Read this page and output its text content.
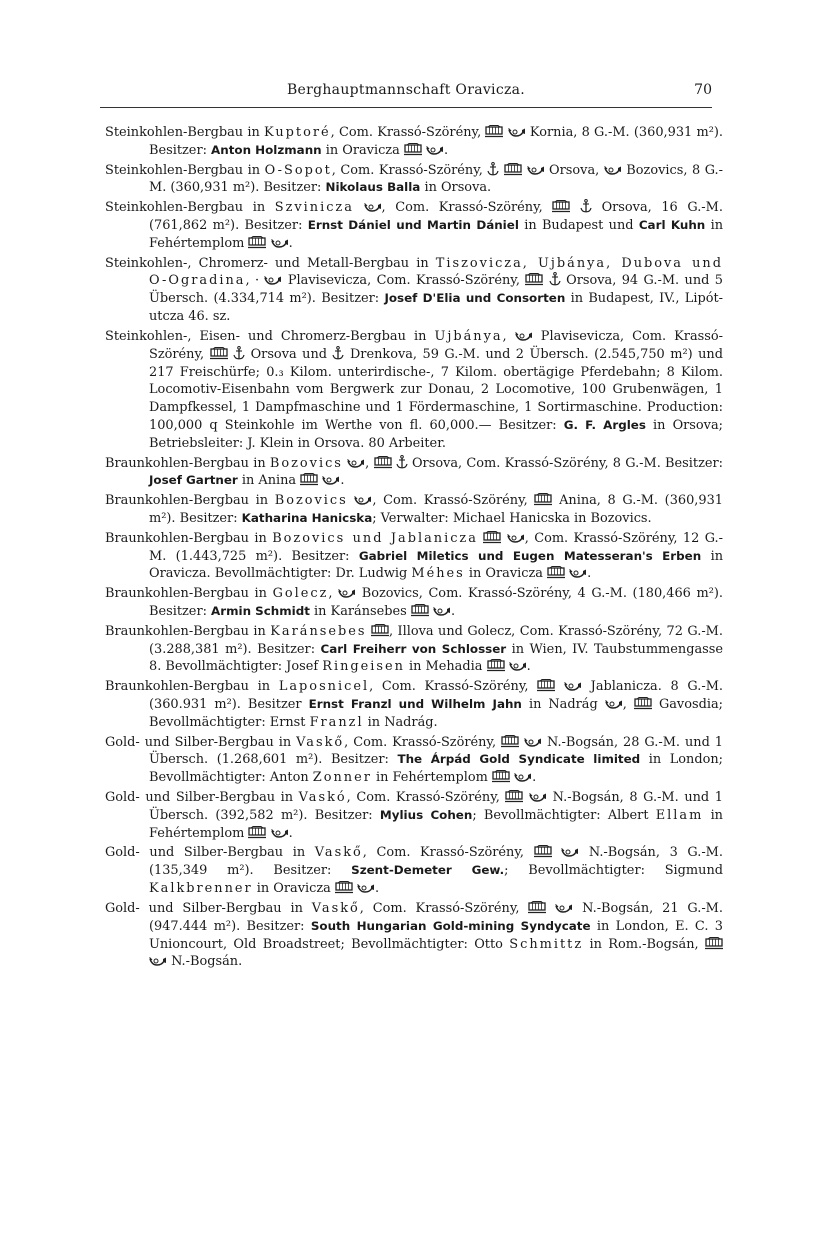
Berghauptmannschaft Oravicza.	70

Steinkohlen-Bergbau in Kuptoré, Com. Krassó-Szörény,
	Kornia, 8 G.-M. (360,931 m²). Besitzer: Anton Holzmann in Oravicza
	.

Steinkohlen-Bergbau in O-Sopot, Com. Krassó-Szörény,

	Orsova,
Bozovics, 8 G.-M. (360,931 m²). Besitzer: Nikolaus Balla in Orsova.

Steinkohlen-Bergbau in Szvinicza , Com. Krassó-Szörény,
	Orsova, 16 G.-M. (761,862 m²). Besitzer: Ernst Dániel und Martin Dániel in Budapest und Carl Kuhn in Fehértemplom
	.

Steinkohlen-, Chromerz- und Metall-Bergbau in Tiszovicza, Ujbánya, Dubova und O-Ogradina, ·
Plavisevicza, Com. Krassó-Szörény,
	Orsova, 94 G.-M. und 5 Übersch. (4.334,714 m²). Besitzer: Josef D'Elia und Consorten in Budapest, IV., Lipót-utcza 46. sz.

Steinkohlen-, Eisen- und Chromerz-Bergbau in Ujbánya,
Plavisevicza, Com. Krassó-Szörény,
	Orsova und
Drenkova, 59 G.-M. und 2 Übersch. (2.545,750 m²) und 217 Freischürfe; 0.₃ Kilom. unterirdische-, 7 Kilom. obertägige Pferdebahn; 8 Kilom. Locomotiv-Eisenbahn vom Bergwerk zur Donau, 2 Locomotive, 100 Grubenwägen, 1 Dampfkessel, 1 Dampfmaschine und 1 Fördermaschine, 1 Sortirmaschine. Production: 100,000 q Steinkohle im Werthe von fl. 60,000.— Besitzer: G. F. Argles in Orsova; Betriebsleiter: J. Klein in Orsova. 80 Arbeiter.

Braunkohlen-Bergbau in Bozovics ,
	Orsova, Com. Krassó-Szörény, 8 G.-M. Besitzer: Josef Gartner in Anina
	.

Braunkohlen-Bergbau in Bozovics , Com. Krassó-Szörény,
Anina, 8 G.-M. (360,931 m²). Besitzer: Katharina Hanicska; Verwalter: Michael Hanicska in Bozovics.

Braunkohlen-Bergbau in Bozovics und Jablanicza
	, Com. Krassó-Szörény, 12 G.-M. (1.443,725 m²). Besitzer: Gabriel Miletics und Eugen Matesseran's Erben in Oravicza. Bevollmächtigter: Dr. Ludwig Méhes in Oravicza
	.

Braunkohlen-Bergbau in Golecz,
Bozovics, Com. Krassó-Szörény, 4 G.-M. (180,466 m²). Besitzer: Armin Schmidt in Karánsebes
	.

Braunkohlen-Bergbau in Karánsebes , Illova und Golecz, Com. Krassó-Szörény, 72 G.-M. (3.288,381 m²). Besitzer: Carl Freiherr von Schlosser in Wien, IV. Taubstummengasse 8. Bevollmächtigter: Josef Ringeisen in Mehadia
	.

Braunkohlen-Bergbau in Laposnicel, Com. Krassó-Szörény,
	Jablanicza. 8 G.-M. (360.931 m²). Besitzer Ernst Franzl und Wilhelm Jahn in Nadrág
,
Gavosdia; Bevollmächtigter: Ernst Franzl in Nadrág.

Gold- und Silber-Bergbau in Vaskő, Com. Krassó-Szörény,
	N.-Bogsán, 28 G.-M. und 1 Übersch. (1.268,601 m²). Besitzer: The Árpád Gold Syndicate limited in London; Bevollmächtigter: Anton Zonner in Fehértemplom
	.

Gold- und Silber-Bergbau in Vaskó, Com. Krassó-Szörény,
	N.-Bogsán, 8 G.-M. und 1 Übersch. (392,582 m²). Besitzer: Mylius Cohen; Bevollmächtigter: Albert Ellam in Fehértemplom
	.

Gold- und Silber-Bergbau in Vaskő, Com. Krassó-Szörény,
	N.-Bogsán, 3 G.-M. (135,349 m²). Besitzer: Szent-Demeter Gew.; Bevollmächtigter: Sigmund Kalkbrenner in Oravicza
	.

Gold- und Silber-Bergbau in Vaskő, Com. Krassó-Szörény,
	N.-Bogsán, 21 G.-M. (947.444 m²). Besitzer: South Hungarian Gold-mining Syndycate in London, E. C. 3 Unioncourt, Old Broadstreet; Bevollmächtigter: Otto Schmittz in Rom.-Bogsán,

N.-Bogsán.
